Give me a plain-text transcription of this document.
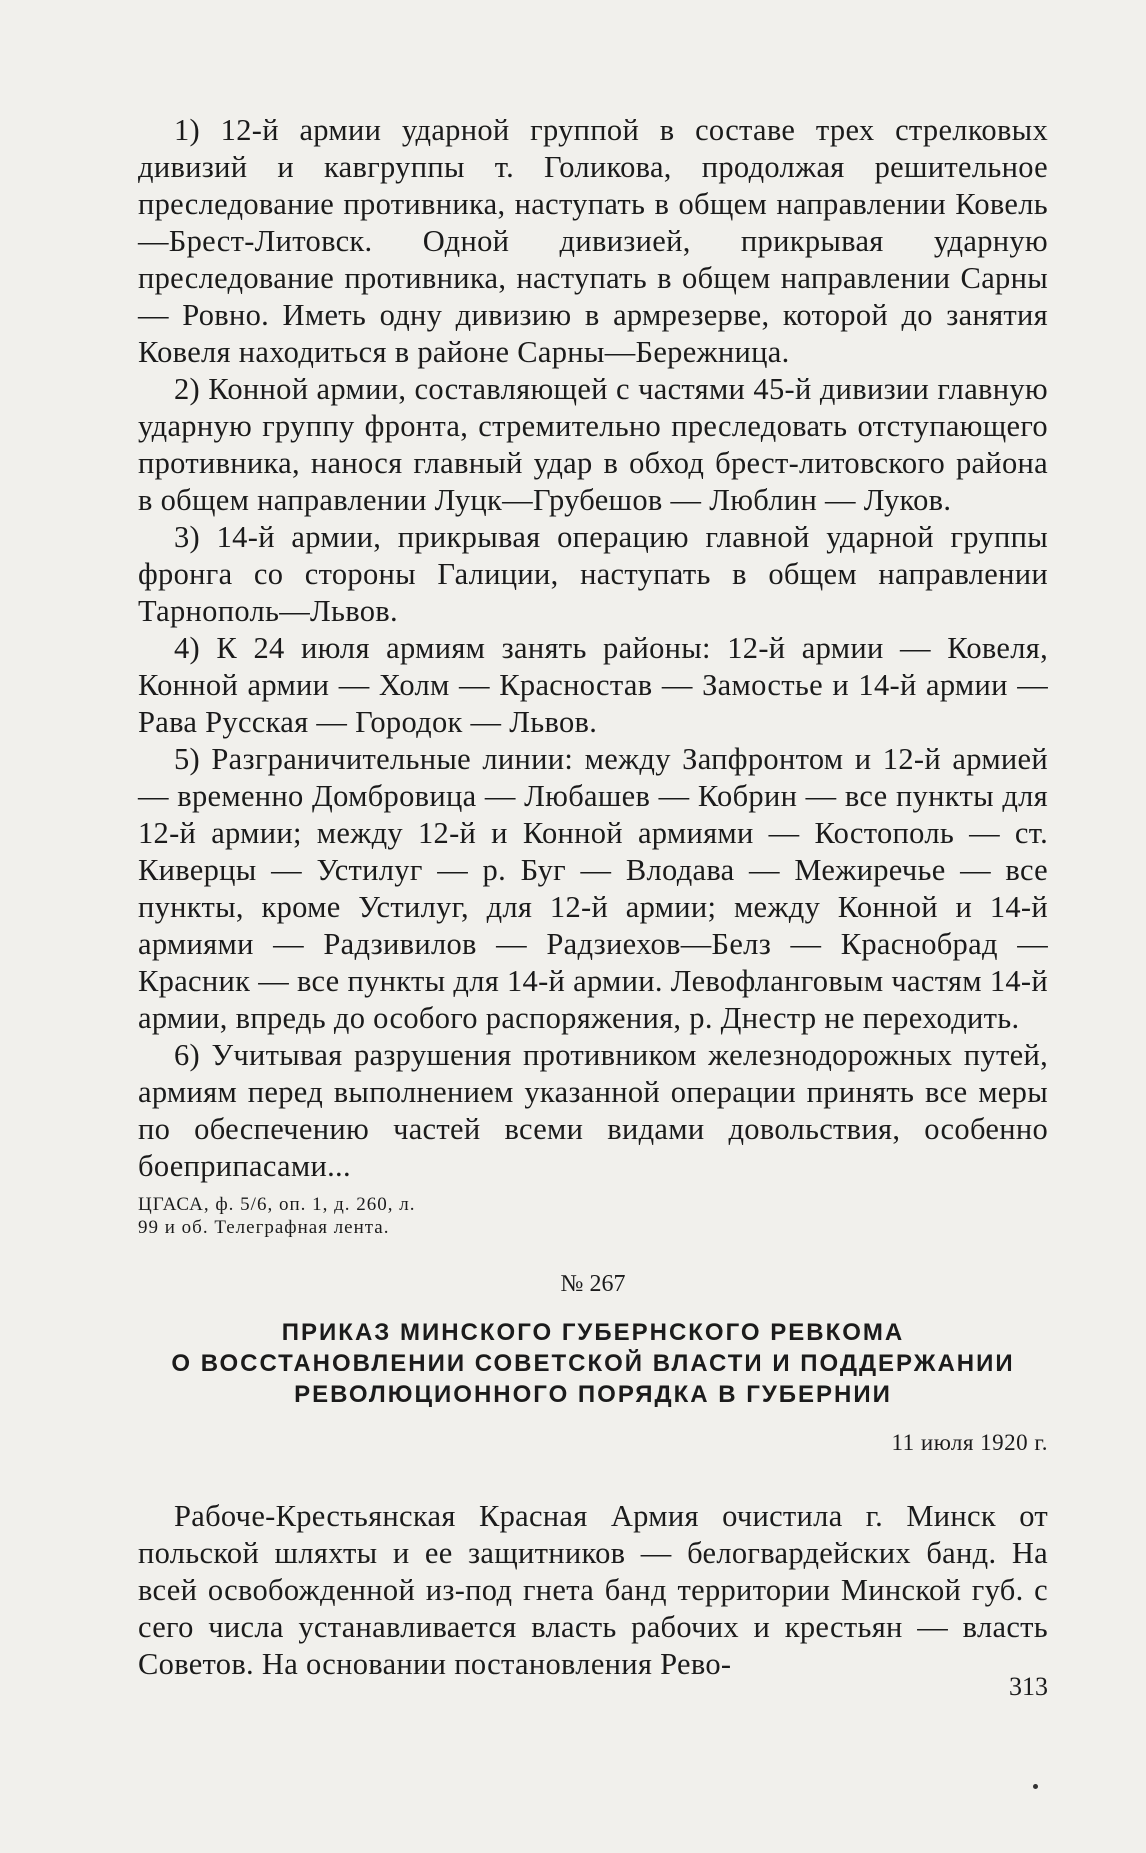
1) 12-й армии ударной группой в составе трех стрелковых дивизий и кавгруппы т. Голикова, продолжая решительное преследование противника, наступать в общем направлении Ковель—Брест-Литовск. Одной дивизией, прикрывая ударную преследование противника, наступать в общем направлении Сарны — Ровно. Иметь одну дивизию в армрезерве, которой до занятия Ковеля находиться в районе Сарны—Бережница.

2) Конной армии, составляющей с частями 45-й дивизии главную ударную группу фронта, стремительно преследовать отступающего противника, нанося главный удар в обход брест-литовского района в общем направлении Луцк—Грубешов — Люблин — Луков.

3) 14-й армии, прикрывая операцию главной ударной группы фронга со стороны Галиции, наступать в общем направлении Тарнополь—Львов.

4) К 24 июля армиям занять районы: 12-й армии — Ковеля, Конной армии — Холм — Красностав — Замостье и 14-й армии — Рава Русская — Городок — Львов.

5) Разграничительные линии: между Запфронтом и 12-й армией — временно Домбровица — Любашев — Кобрин — все пункты для 12-й армии; между 12-й и Конной армиями — Костополь — ст. Киверцы — Устилуг — р. Буг — Влодава — Межиречье — все пункты, кроме Устилуг, для 12-й армии; между Конной и 14-й армиями — Радзивилов — Радзиехов—Белз — Краснобрад — Красник — все пункты для 14-й армии. Левофланговым частям 14-й армии, впредь до особого распоряжения, р. Днестр не переходить.

6) Учитывая разрушения противником железнодорожных путей, армиям перед выполнением указанной операции принять все меры по обеспечению частей всеми видами довольствия, особенно боеприпасами...

ЦГАСА, ф. 5/6, оп. 1, д. 260, л.
99 и об. Телеграфная лента.
№ 267
ПРИКАЗ МИНСКОГО ГУБЕРНСКОГО РЕВКОМА
О ВОССТАНОВЛЕНИИ СОВЕТСКОЙ ВЛАСТИ И ПОДДЕРЖАНИИ
РЕВОЛЮЦИОННОГО ПОРЯДКА В ГУБЕРНИИ
11 июля 1920 г.

Рабоче-Крестьянская Красная Армия очистила г. Минск от польской шляхты и ее защитников — белогвардейских банд. На всей освобожденной из-под гнета банд территории Минской губ. с сего числа устанавливается власть рабочих и крестьян — власть Советов. На основании постановления Рево-

313
